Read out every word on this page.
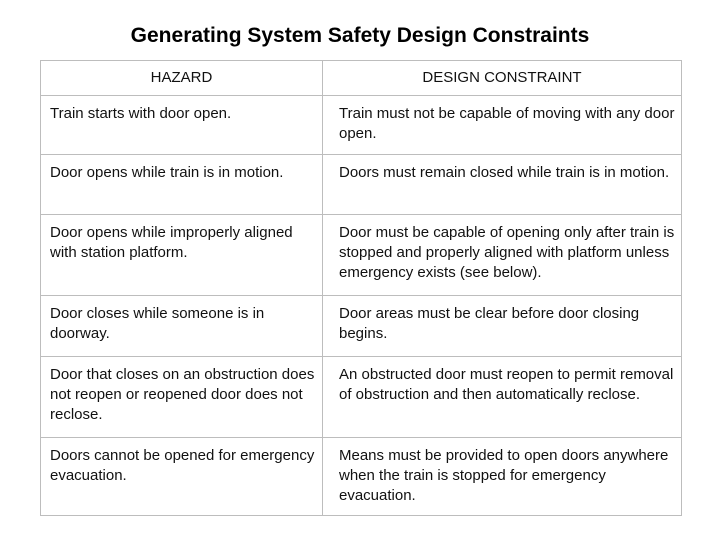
Generating System Safety Design Constraints
HAZARD	DESIGN CONSTRAINT
Train starts with door open.	Train must not be capable of moving with any door open.
Door opens while train is in motion.	Doors must remain closed while train is in motion.
Door opens while improperly aligned with station platform.	Door must be capable of opening only after train is stopped and properly aligned with platform unless emergency exists (see below).
Door closes while someone is in doorway.	Door areas must be clear before door closing begins.
Door that closes on an obstruction does not reopen or reopened door does not reclose.	An obstructed door must reopen to permit removal of obstruction and then automatically reclose.
Doors cannot be opened for emergency evacuation.	Means must be provided to open doors anywhere when the train is stopped for emergency evacuation.
